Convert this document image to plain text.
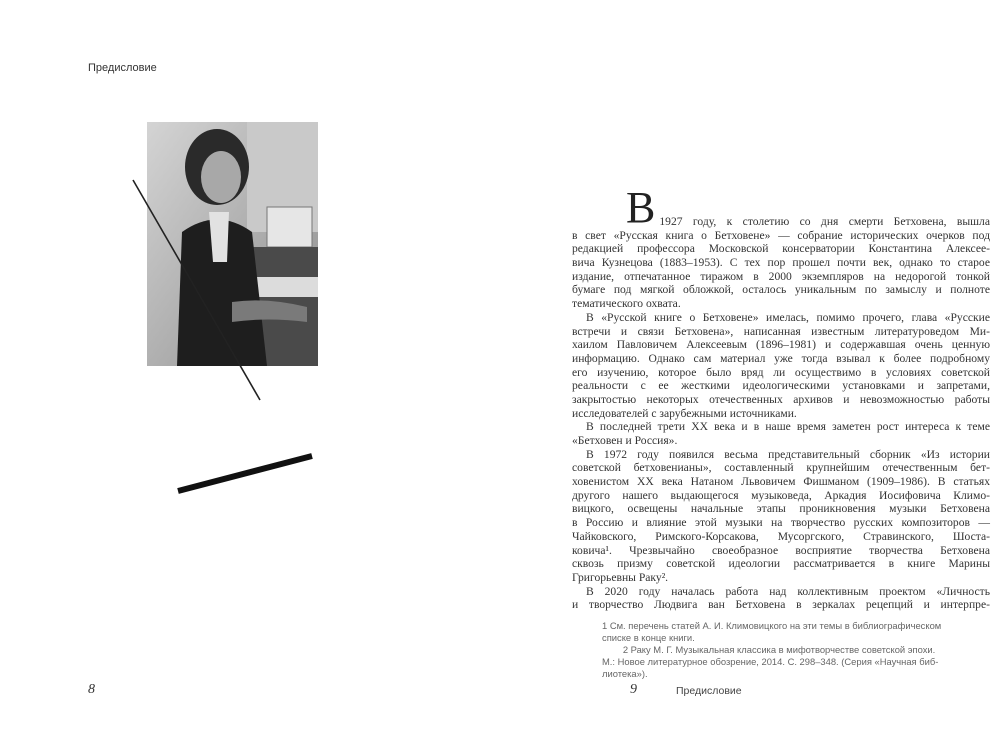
Предисловие
8
В 1927 году, к столетию со дня смерти Бетховена, вышла
в свет «Русская книга о Бетховене» — собрание исторических очерков под
редакцией профессора Московской консерватории Константина Алексее-
вича Кузнецова (1883–1953). С тех пор прошел почти век, однако то старое
издание, отпечатанное тиражом в 2000 экземпляров на недорогой тонкой
бумаге под мягкой обложкой, осталось уникальным по замыслу и полноте
тематического охвата.
В «Русской книге о Бетховене» имелась, помимо прочего, глава «Русские
встречи и связи Бетховена», написанная известным литературоведом Ми-
хаилом Павловичем Алексеевым (1896–1981) и содержавшая очень ценную
информацию. Однако сам материал уже тогда взывал к более подробному
его изучению, которое было вряд ли осуществимо в условиях советской
реальности с ее жесткими идеологическими установками и запретами,
закрытостью некоторых отечественных архивов и невозможностью работы
исследователей с зарубежными источниками.
В последней трети XX века и в наше время заметен рост интереса к теме
«Бетховен и Россия».
В 1972 году появился весьма представительный сборник «Из истории
советской бетховенианы», составленный крупнейшим отечественным бет-
ховенистом XX века Натаном Львовичем Фишманом (1909–1986). В статьях
другого нашего выдающегося музыковеда, Аркадия Иосифовича Климо-
вицкого, освещены начальные этапы проникновения музыки Бетховена
в Россию и влияние этой музыки на творчество русских композиторов —
Чайковского, Римского-Корсакова, Мусоргского, Стравинского, Шоста-
ковича¹. Чрезвычайно своеобразное восприятие творчества Бетховена
сквозь призму советской идеологии рассматривается в книге Марины
Григорьевны Раку².
В 2020 году началась работа над коллективным проектом «Личность
и творчество Людвига ван Бетховена в зеркалах рецепций и интерпре-
1 См. перечень статей А. И. Климовицкого на эти темы в библиографическом
списке в конце книги.
2 Раку М. Г. Музыкальная классика в мифотворчестве советской эпохи.
М.: Новое литературное обозрение, 2014. С. 298–348. (Серия «Научная биб-
лиотека»).
9	Предисловие
